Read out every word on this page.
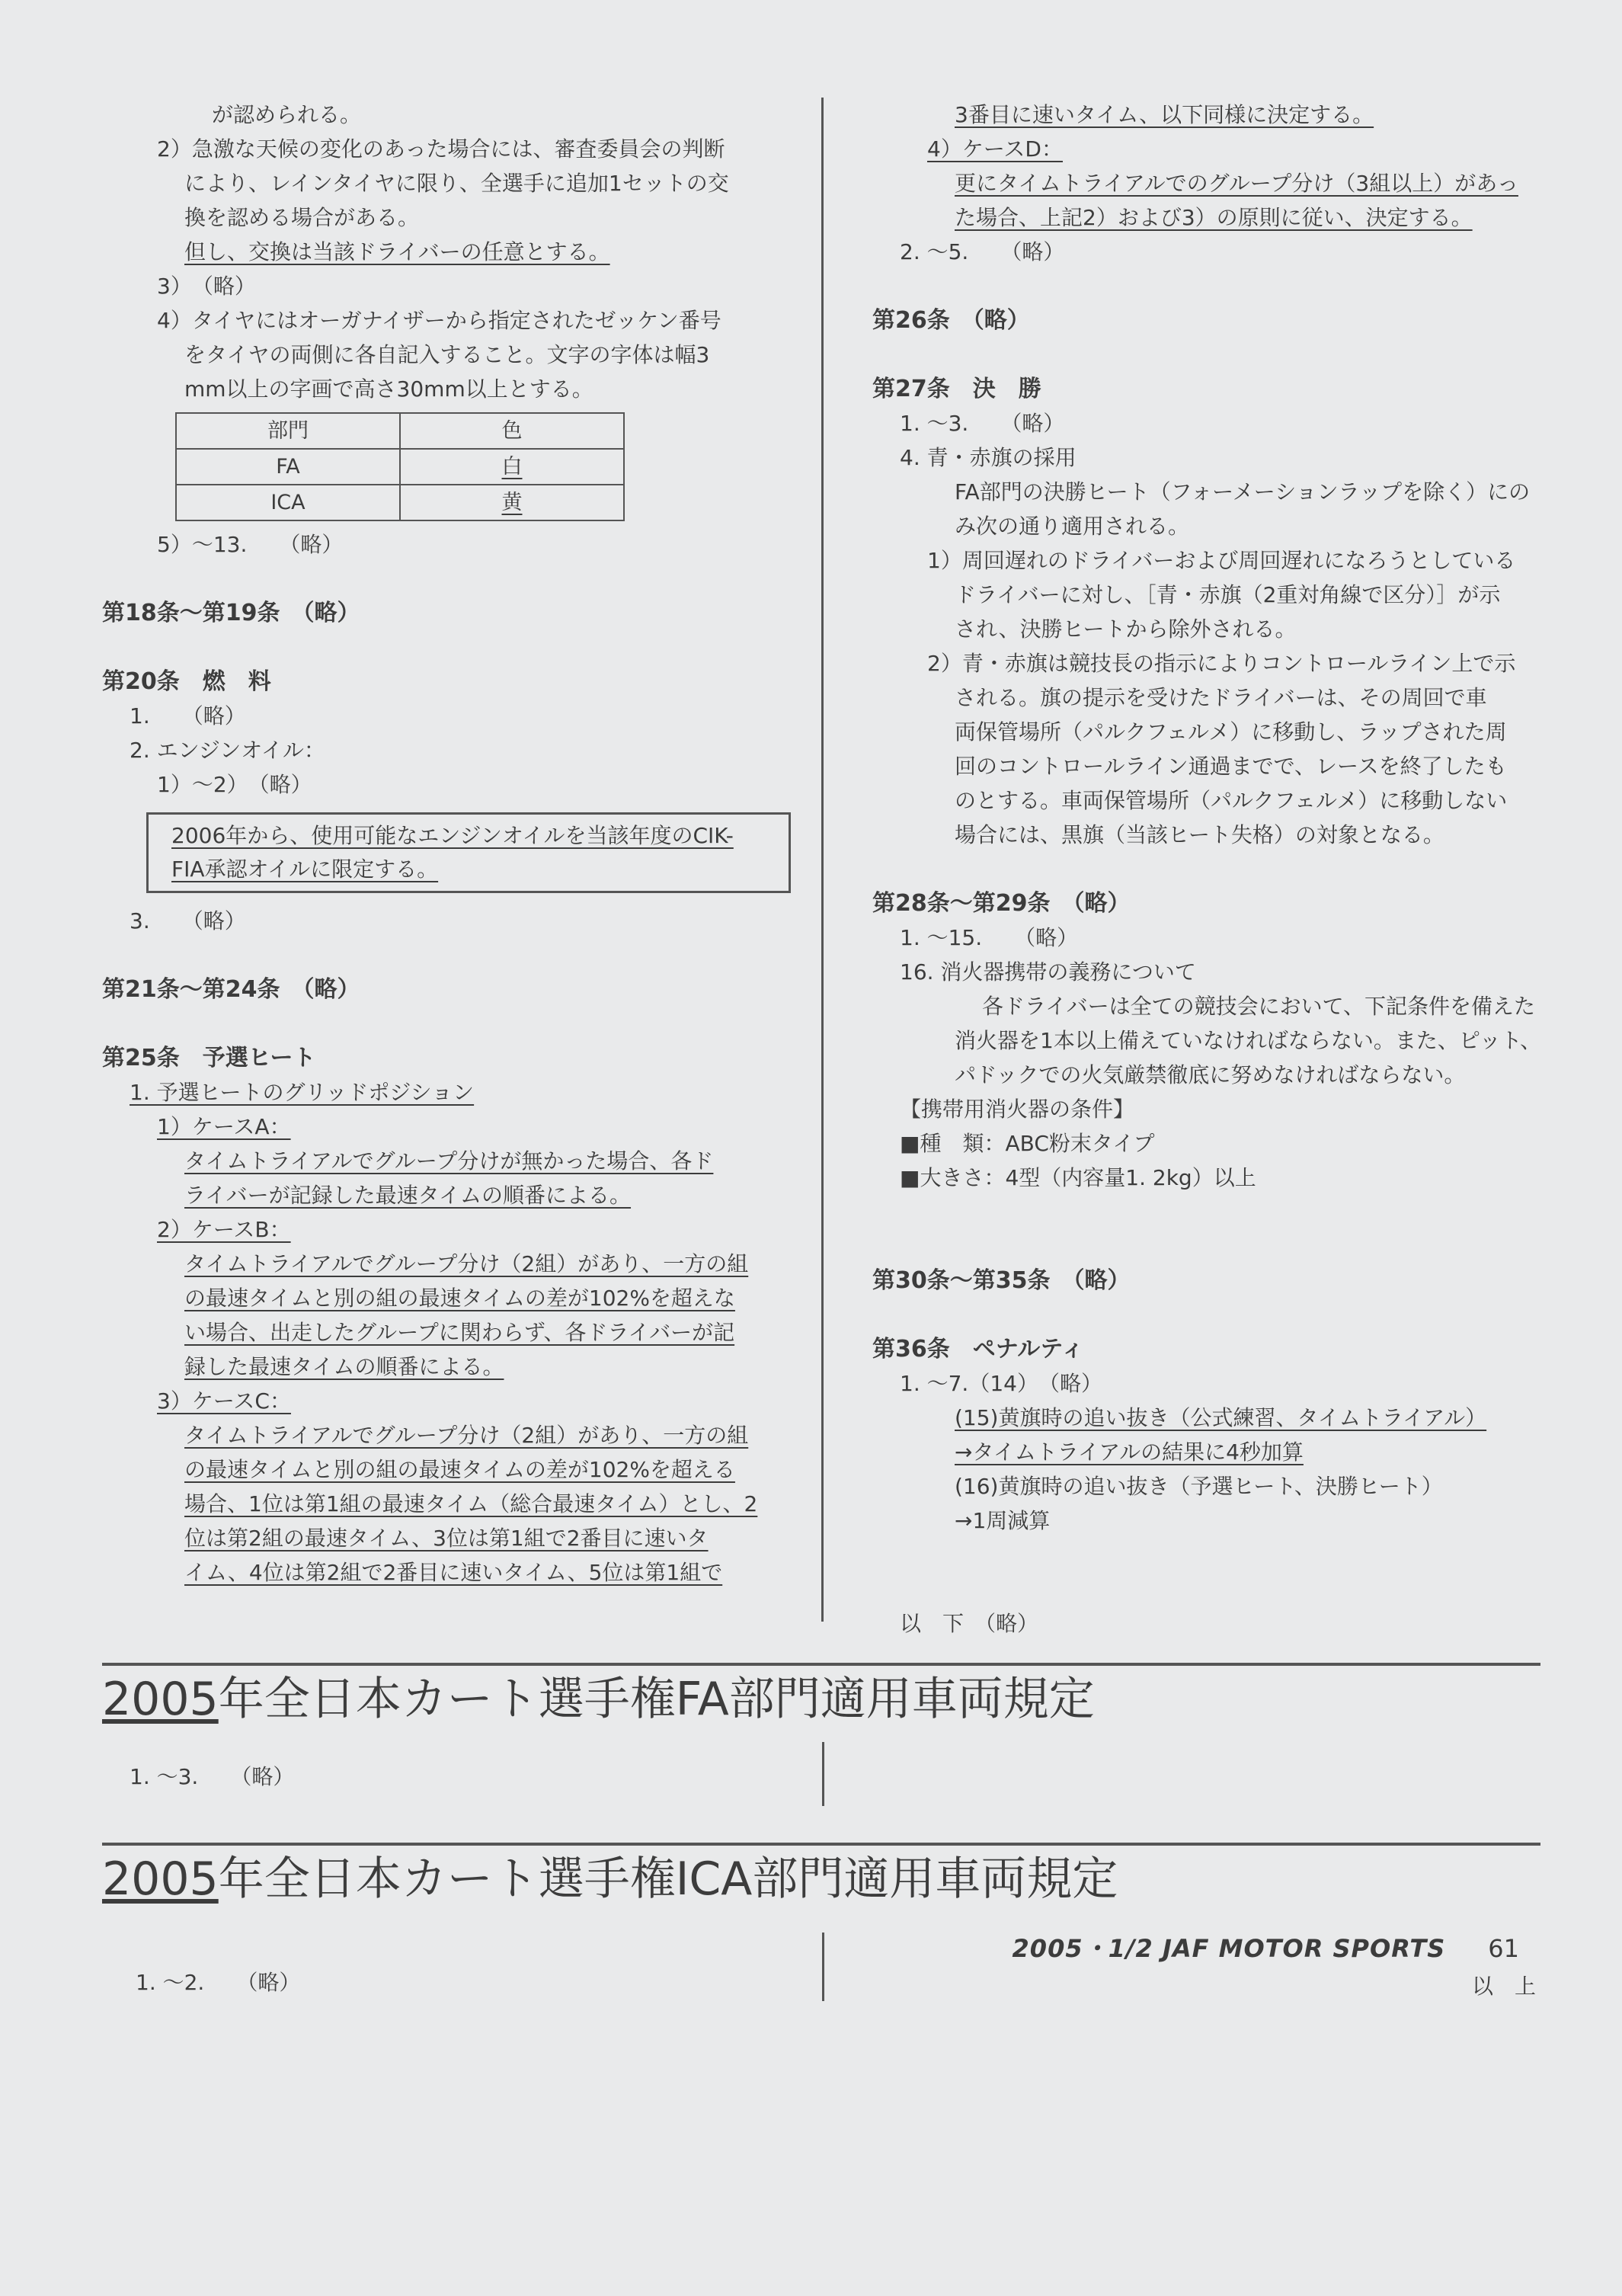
が認められる。
2）急激な天候の変化のあった場合には、審査委員会の判断
により、レインタイヤに限り、全選手に追加1セットの交
換を認める場合がある。
但し、交換は当該ドライバーの任意とする。
3）　（略）
4）タイヤにはオーガナイザーから指定されたゼッケン番号
をタイヤの両側に各自記入すること。文字の字体は幅3
mm以上の字画で高さ30mm以上とする。
部門	色
FA	白
ICA	黄
5）～13.　　（略）
第18条～第19条　（略）
第20条　燃　料
1.　　（略）
2. エンジンオイル：
1）～2）　（略）
2006年から、使用可能なエンジンオイルを当該年度のCIK-
FIA承認オイルに限定する。
3.　　（略）
第21条～第24条　（略）
第25条　予選ヒート
1. 予選ヒートのグリッドポジション
1）ケースA：
タイムトライアルでグループ分けが無かった場合、各ド
ライバーが記録した最速タイムの順番による。
2）ケースB：
タイムトライアルでグループ分け（2組）があり、一方の組
の最速タイムと別の組の最速タイムの差が102%を超えな
い場合、出走したグループに関わらず、各ドライバーが記
録した最速タイムの順番による。
3）ケースC：
タイムトライアルでグループ分け（2組）があり、一方の組
の最速タイムと別の組の最速タイムの差が102%を超える
場合、1位は第1組の最速タイム（総合最速タイム）とし、2
位は第2組の最速タイム、3位は第1組で2番目に速いタ
イム、4位は第2組で2番目に速いタイム、5位は第1組で
3番目に速いタイム、以下同様に決定する。
4）ケースD：
更にタイムトライアルでのグループ分け（3組以上）があっ
た場合、上記2）および3）の原則に従い、決定する。
2. ～5.　　（略）
第26条　（略）
第27条　決　勝
1. ～3.　　（略）
4. 青・赤旗の採用
FA部門の決勝ヒート（フォーメーションラップを除く）にの
み次の通り適用される。
1）周回遅れのドライバーおよび周回遅れになろうとしている
ドライバーに対し、［青・赤旗（2重対角線で区分）］が示
され、決勝ヒートから除外される。
2）青・赤旗は競技長の指示によりコントロールライン上で示
される。旗の提示を受けたドライバーは、その周回で車
両保管場所（パルクフェルメ）に移動し、ラップされた周
回のコントロールライン通過までで、レースを終了したも
のとする。車両保管場所（パルクフェルメ）に移動しない
場合には、黒旗（当該ヒート失格）の対象となる。
第28条～第29条　（略）
1. ～15.　　（略）
16. 消火器携帯の義務について
各ドライバーは全ての競技会において、下記条件を備えた
消火器を1本以上備えていなければならない。また、ピット、
パドックでの火気厳禁徹底に努めなければならない。
【携帯用消火器の条件】
■種　類：ABC粉末タイプ
■大きさ：4型（内容量1. 2kg）以上
第30条～第35条　（略）
第36条　ペナルティ
1. ～7.（14）　（略）
(15)黄旗時の追い抜き（公式練習、タイムトライアル）
→タイムトライアルの結果に4秒加算
(16)黄旗時の追い抜き（予選ヒート、決勝ヒート）
→1周減算
以　下　（略）
2005年全日本カート選手権FA部門適用車両規定
1. ～3.　　（略）
2005年全日本カート選手権ICA部門適用車両規定
1. ～2.　　（略）	以　上
2005・1/2 JAF MOTOR SPORTS 61
